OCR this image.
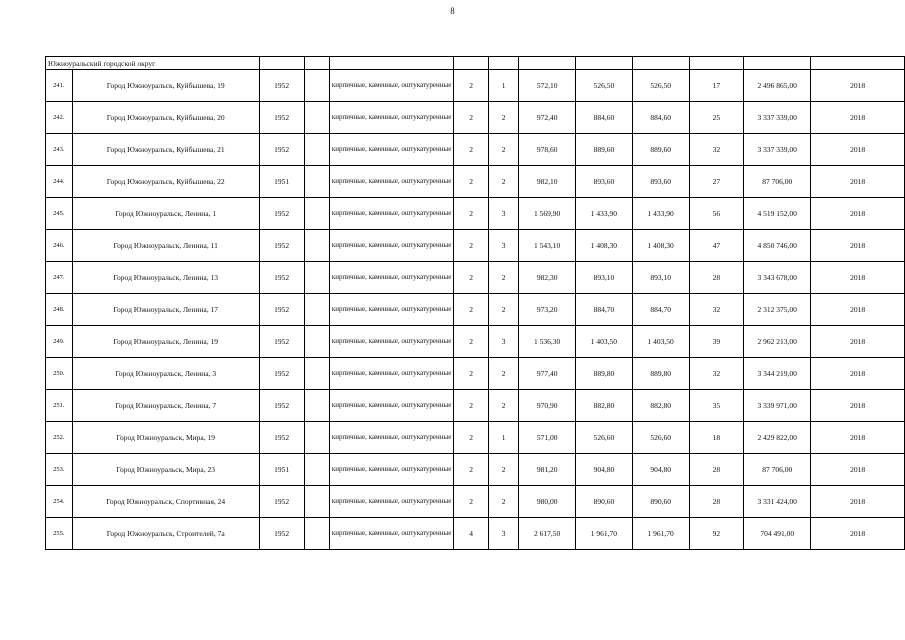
8
Южноуральский городской округ												
241.	Город Южноуральск, Куйбышева, 19	1952		кирпичные, каменные, оштукатуренные	2	1	572,10	526,50	526,50	17	2 496 865,00	2018
242.	Город Южноуральск, Куйбышева, 20	1952		кирпичные, каменные, оштукатуренные	2	2	972,40	884,60	884,60	25	3 337 339,00	2018
243.	Город Южноуральск, Куйбышева, 21	1952		кирпичные, каменные, оштукатуренные	2	2	978,60	889,60	889,60	32	3 337 339,00	2018
244.	Город Южноуральск, Куйбышева, 22	1951		кирпичные, каменные, оштукатуренные	2	2	982,10	893,60	893,60	27	87 706,00	2018
245.	Город Южноуральск, Ленина, 1	1952		кирпичные, каменные, оштукатуренные	2	3	1 569,90	1 433,90	1 433,90	56	4 519 152,00	2018
246.	Город Южноуральск, Ленина, 11	1952		кирпичные, каменные, оштукатуренные	2	3	1 543,10	1 408,30	1 408,30	47	4 850 746,00	2018
247.	Город Южноуральск, Ленина, 13	1952		кирпичные, каменные, оштукатуренные	2	2	982,30	893,10	893,10	28	3 343 678,00	2018
248.	Город Южноуральск, Ленина, 17	1952		кирпичные, каменные, оштукатуренные	2	2	973,20	884,70	884,70	32	2 312 375,00	2018
249.	Город Южноуральск, Ленина, 19	1952		кирпичные, каменные, оштукатуренные	2	3	1 536,30	1 403,50	1 403,50	39	2 962 213,00	2018
250.	Город Южноуральск, Ленина, 3	1952		кирпичные, каменные, оштукатуренные	2	2	977,40	889,80	889,80	32	3 344 219,00	2018
251.	Город Южноуральск, Ленина, 7	1952		кирпичные, каменные, оштукатуренные	2	2	970,90	882,80	882,80	35	3 339 971,00	2018
252.	Город Южноуральск, Мира, 19	1952		кирпичные, каменные, оштукатуренные	2	1	571,00	526,60	526,60	18	2 429 822,00	2018
253.	Город Южноуральск, Мира, 23	1951		кирпичные, каменные, оштукатуренные	2	2	981,20	904,80	904,80	28	87 706,00	2018
254.	Город Южноуральск, Спортивная, 24	1952		кирпичные, каменные, оштукатуренные	2	2	980,00	890,60	890,60	28	3 331 424,00	2018
255.	Город Южноуральск, Строителей, 7а	1952		кирпичные, каменные, оштукатуренные	4	3	2 617,50	1 961,70	1 961,70	92	704 491,00	2018
